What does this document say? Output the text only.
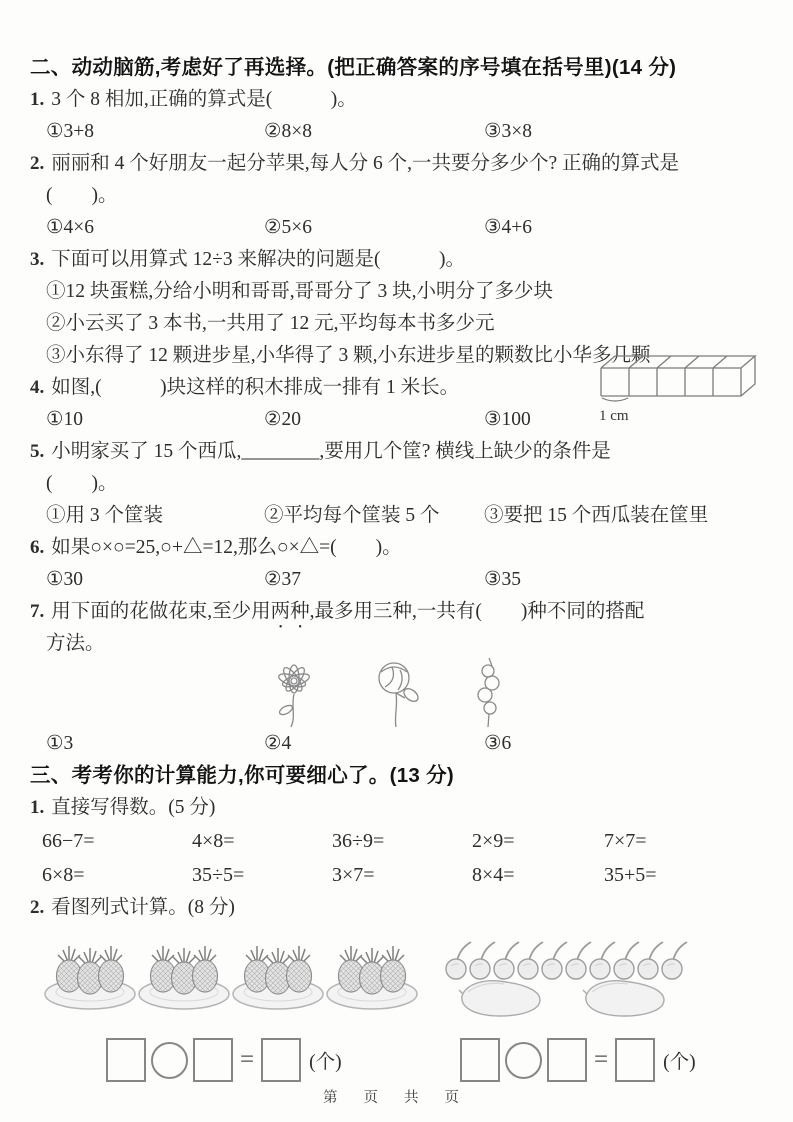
二、动动脑筋,考虑好了再选择。(把正确答案的序号填在括号里)(14 分)
1. 3 个 8 相加,正确的算式是(　　　)。
①3+8	②8×8	③3×8
2. 丽丽和 4 个好朋友一起分苹果,每人分 6 个,一共要分多少个? 正确的算式是
(　　)。
①4×6	②5×6	③4+6
3. 下面可以用算式 12÷3 来解决的问题是(　　　)。
①12 块蛋糕,分给小明和哥哥,哥哥分了 3 块,小明分了多少块
②小云买了 3 本书,一共用了 12 元,平均每本书多少元
③小东得了 12 颗进步星,小华得了 3 颗,小东进步星的颗数比小华多几颗
4. 如图,(　　　)块这样的积木排成一排有 1 米长。
①10	②20	③100
5. 小明家买了 15 个西瓜,________,要用几个筐? 横线上缺少的条件是
(　　)。
①用 3 个筐装	②平均每个筐装 5 个	③要把 15 个西瓜装在筐里
6. 如果○×○=25,○+△=12,那么○×△=(　　)。
①30	②37	③35
7. 用下面的花做花束,至少用两种,最多用三种,一共有(　　)种不同的搭配
方法。
①3	②4	③6
三、考考你的计算能力,你可要细心了。(13 分)
1. 直接写得数。(5 分)
66−7=	4×8=	36÷9=	2×9=	7×7=
6×8=	35÷5=	3×7=	8×4=	35+5=
2. 看图列式计算。(8 分)
=	(个)	=	(个)
1 cm
第 页 共 页
